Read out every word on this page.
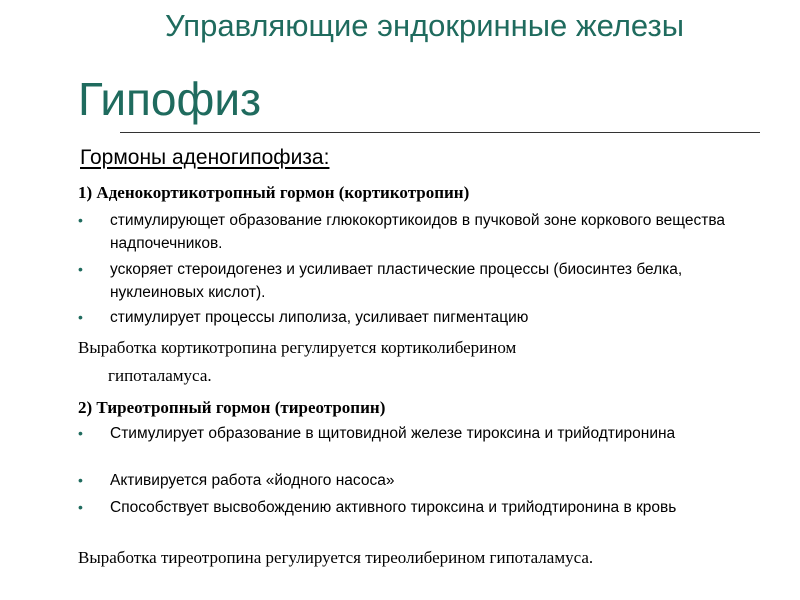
Управляющие эндокринные железы
Гипофиз
Гормоны аденогипофиза:
1) Аденокортикотропный гормон (кортикотропин)
•	стимулирующет образование глюкокортикоидов в пучковой зоне коркового вещества надпочечников.
•	ускоряет стероидогенез и усиливает пластические процессы (биосинтез белка, нуклеиновых кислот).
•	стимулирует процессы липолиза, усиливает пигментацию
Выработка кортикотропина регулируется кортиколиберином
гипоталамуса.
2) Тиреотропный гормон (тиреотропин)
•	Стимулирует образование в щитовидной железе тироксина и трийодтиронина
•	Активируется работа «йодного насоса»
•	Способствует высвобождению активного тироксина и трийодтиронина в кровь
Выработка тиреотропина регулируется тиреолиберином гипоталамуса.
